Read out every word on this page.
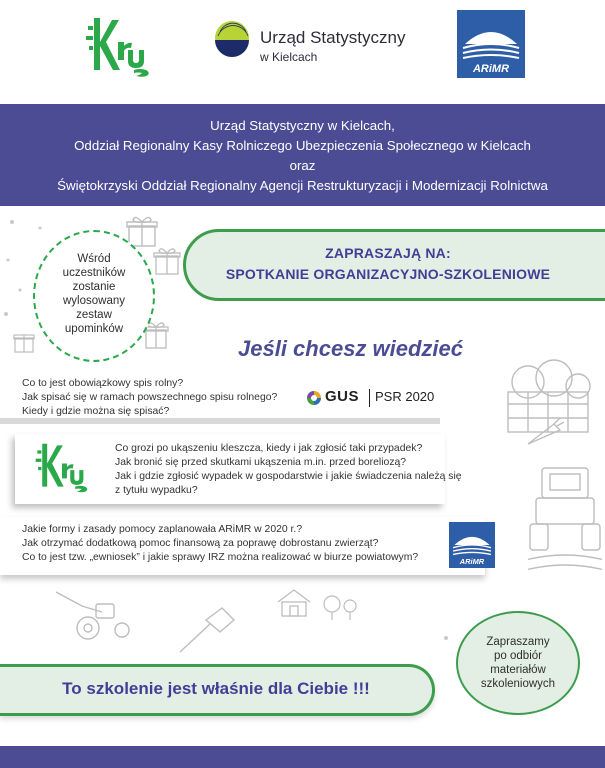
Urząd Statystyczny
w Kielcach
ARiMR
Urząd Statystyczny w Kielcach,
Oddział Regionalny Kasy Rolniczego Ubezpieczenia Społecznego w Kielcach
oraz
Świętokrzyski Oddział Regionalny Agencji Restrukturyzacji i Modernizacji Rolnictwa
Wśród
uczestników
zostanie
wylosowany
zestaw
upominków
ZAPRASZAJĄ NA:
SPOTKANIE ORGANIZACYJNO-SZKOLENIOWE
Jeśli chcesz wiedzieć

Co to jest obowiązkowy spis rolny?

Jak spisać się w ramach powszechnego spisu rolnego?

Kiedy i gdzie można się spisać?

GUS PSR 2020

Co grozi po ukąszeniu kleszcza, kiedy i jak zgłosić taki przypadek?

Jak bronić się przed skutkami ukąszenia m.in. przed boreliozą?

Jak i gdzie zgłosić wypadek w gospodarstwie i jakie świadczenia należą się

z tytułu wypadku?

Jakie formy i zasady pomocy zaplanowała ARiMR w 2020 r.?

Jak otrzymać dodatkową pomoc finansową za poprawę dobrostanu zwierząt?

Co to jest tzw. „ewniosek” i jakie sprawy IRZ można realizować w biurze powiatowym?	ARiMR
Zapraszamy
po odbiór
materiałów
szkoleniowych
To szkolenie jest właśnie dla Ciebie !!!
